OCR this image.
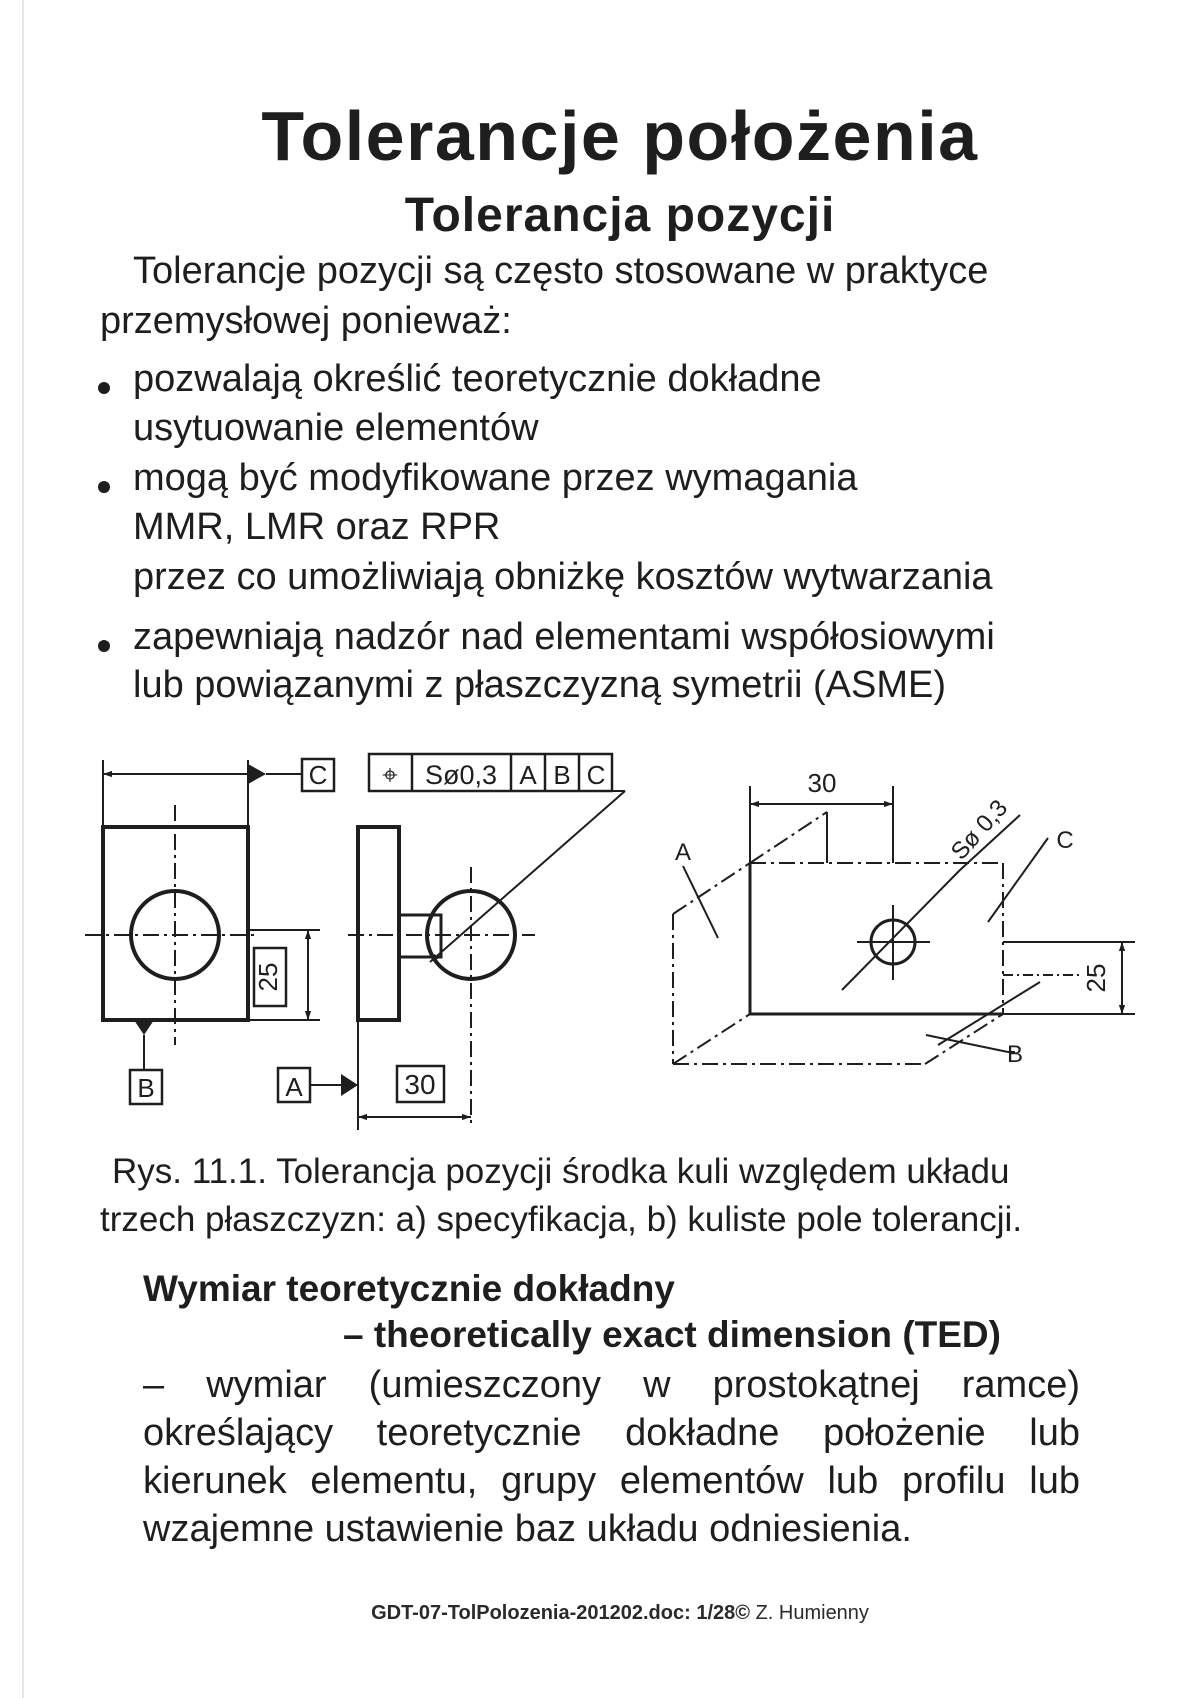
Tolerancje położenia
Tolerancja pozycji
Tolerancje pozycji są często stosowane w praktyce
przemysłowej ponieważ:
pozwalają określić teoretycznie dokładne
usytuowanie elementów
mogą być modyfikowane przez wymagania
MMR, LMR oraz RPR
przez co umożliwiają obniżkę kosztów wytwarzania
zapewniają nadzór nad elementami współosiowymi
lub powiązanymi z płaszczyzną symetrii (ASME)
C
B	A
25
30
⌖ Sø0,3 A B C	30
25
A
B
C
Sø 0,3
Rys. 11.1. Tolerancja pozycji środka kuli względem układu
trzech płaszczyzn: a) specyfikacja, b) kuliste pole tolerancji.
Wymiar teoretycznie dokładny
– theoretically exact dimension (TED)
– wymiar (umieszczony w prostokątnej ramce)
określający teoretycznie dokładne położenie lub
kierunek elementu, grupy elementów lub profilu lub
wzajemne ustawienie baz układu odniesienia.
GDT-07-TolPolozenia-201202.doc: 1/28© Z. Humienny
